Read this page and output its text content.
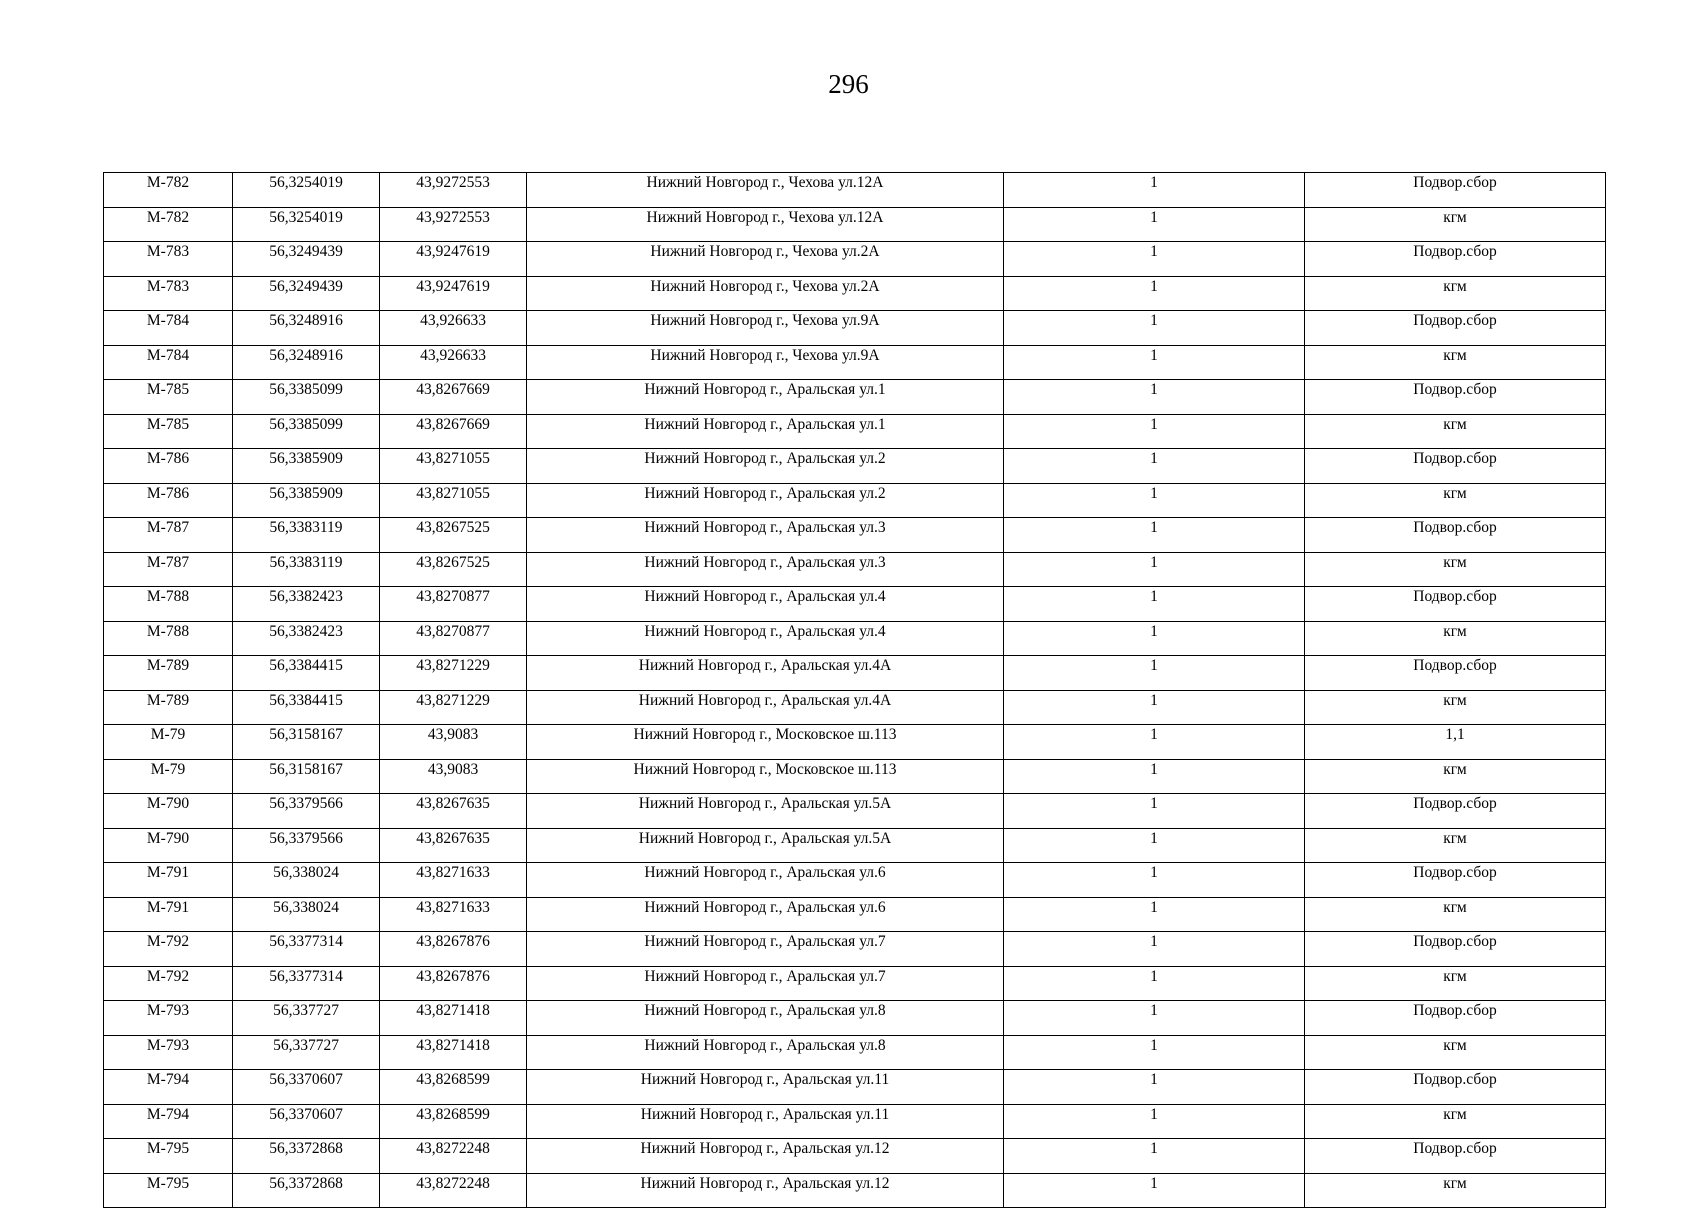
296
М-782	56,3254019	43,9272553	Нижний Новгород г., Чехова ул.12А	1	Подвор.сбор
М-782	56,3254019	43,9272553	Нижний Новгород г., Чехова ул.12А	1	кгм
М-783	56,3249439	43,9247619	Нижний Новгород г., Чехова ул.2А	1	Подвор.сбор
М-783	56,3249439	43,9247619	Нижний Новгород г., Чехова ул.2А	1	кгм
М-784	56,3248916	43,926633	Нижний Новгород г., Чехова ул.9А	1	Подвор.сбор
М-784	56,3248916	43,926633	Нижний Новгород г., Чехова ул.9А	1	кгм
М-785	56,3385099	43,8267669	Нижний Новгород г., Аральская ул.1	1	Подвор.сбор
М-785	56,3385099	43,8267669	Нижний Новгород г., Аральская ул.1	1	кгм
М-786	56,3385909	43,8271055	Нижний Новгород г., Аральская ул.2	1	Подвор.сбор
М-786	56,3385909	43,8271055	Нижний Новгород г., Аральская ул.2	1	кгм
М-787	56,3383119	43,8267525	Нижний Новгород г., Аральская ул.3	1	Подвор.сбор
М-787	56,3383119	43,8267525	Нижний Новгород г., Аральская ул.3	1	кгм
М-788	56,3382423	43,8270877	Нижний Новгород г., Аральская ул.4	1	Подвор.сбор
М-788	56,3382423	43,8270877	Нижний Новгород г., Аральская ул.4	1	кгм
М-789	56,3384415	43,8271229	Нижний Новгород г., Аральская ул.4А	1	Подвор.сбор
М-789	56,3384415	43,8271229	Нижний Новгород г., Аральская ул.4А	1	кгм
М-79	56,3158167	43,9083	Нижний Новгород г., Московское ш.113	1	1,1
М-79	56,3158167	43,9083	Нижний Новгород г., Московское ш.113	1	кгм
М-790	56,3379566	43,8267635	Нижний Новгород г., Аральская ул.5А	1	Подвор.сбор
М-790	56,3379566	43,8267635	Нижний Новгород г., Аральская ул.5А	1	кгм
М-791	56,338024	43,8271633	Нижний Новгород г., Аральская ул.6	1	Подвор.сбор
М-791	56,338024	43,8271633	Нижний Новгород г., Аральская ул.6	1	кгм
М-792	56,3377314	43,8267876	Нижний Новгород г., Аральская ул.7	1	Подвор.сбор
М-792	56,3377314	43,8267876	Нижний Новгород г., Аральская ул.7	1	кгм
М-793	56,337727	43,8271418	Нижний Новгород г., Аральская ул.8	1	Подвор.сбор
М-793	56,337727	43,8271418	Нижний Новгород г., Аральская ул.8	1	кгм
М-794	56,3370607	43,8268599	Нижний Новгород г., Аральская ул.11	1	Подвор.сбор
М-794	56,3370607	43,8268599	Нижний Новгород г., Аральская ул.11	1	кгм
М-795	56,3372868	43,8272248	Нижний Новгород г., Аральская ул.12	1	Подвор.сбор
М-795	56,3372868	43,8272248	Нижний Новгород г., Аральская ул.12	1	кгм
